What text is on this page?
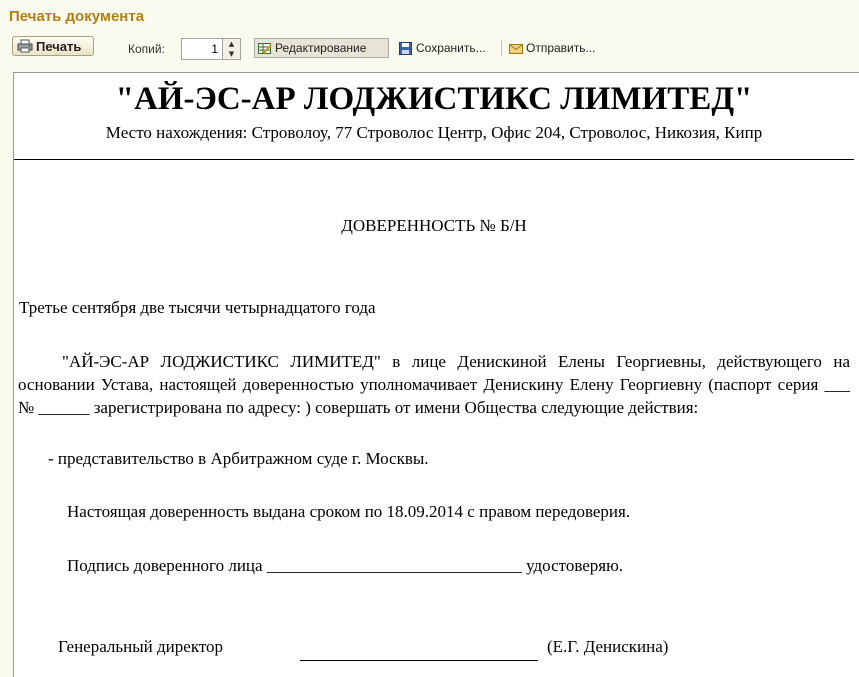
Печать документа
Печать	Копий:	1	▲
▼	Редактирование	Сохранить...	Отправить...
"АЙ-ЭС-АР ЛОДЖИСТИКС ЛИМИТЕД"
Место нахождения: Строволоу, 77 Строволос Центр, Офис 204, Строволос, Никозия, Кипр
ДОВЕРЕННОСТЬ № Б/Н
Третье сентября две тысячи четырнадцатого года
"АЙ-ЭС-АР ЛОДЖИСТИКС ЛИМИТЕД" в лице Денискиной Елены Георгиевны, действующего на основании Устава, настоящей доверенностью уполномачивает Денискину Елену Георгиевну (паспорт серия ___ № ______ зарегистрирована по адресу: ) совершать от имени Общества следующие действия:
- представительство в Арбитражном суде г. Москвы.
Настоящая доверенность выдана сроком по 18.09.2014 с правом передоверия.
Подпись доверенного лица ______________________________ удостоверяю.
Генеральный директор	(Е.Г. Денискина)
